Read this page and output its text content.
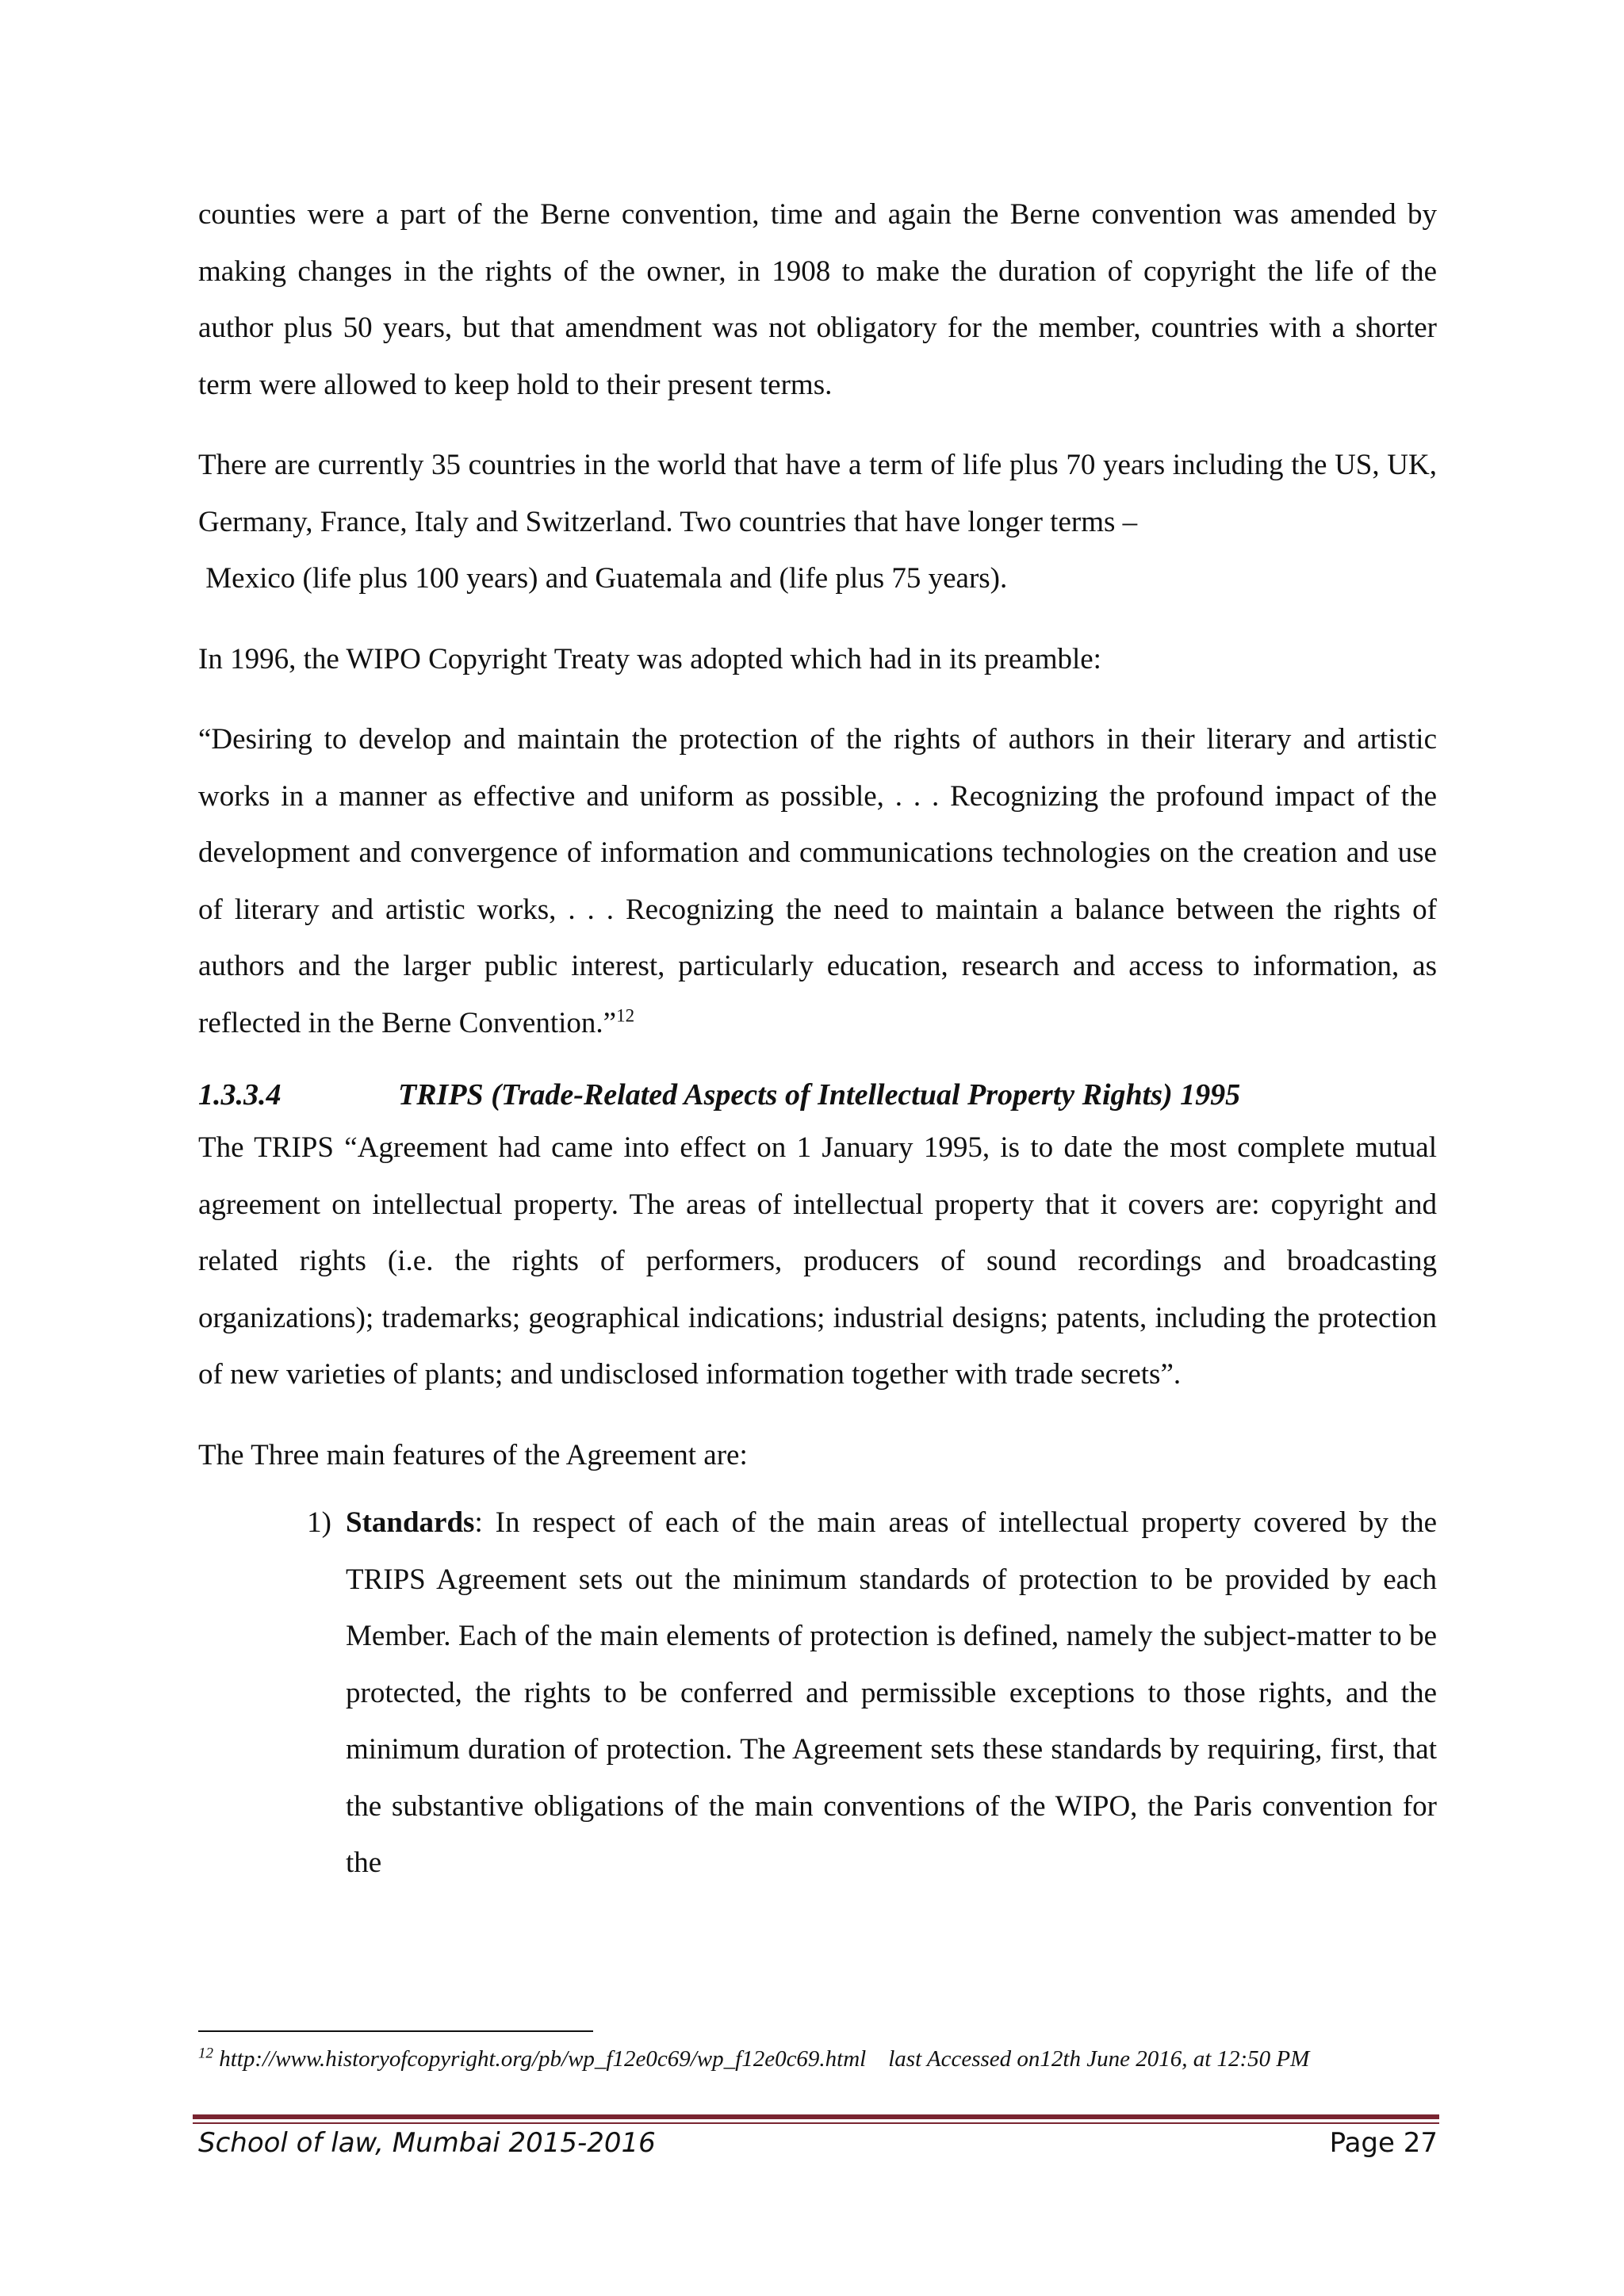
counties were a part of the Berne convention, time and again the Berne convention was amended by making changes in the rights of the owner, in 1908 to make the duration of copyright the life of the author plus 50 years, but that amendment was not obligatory for the member, countries with a shorter term were allowed to keep hold to their present terms.

There are currently 35 countries in the world that have a term of life plus 70 years including the US, UK, Germany, France, Italy and Switzerland. Two countries that have longer terms –

Mexico (life plus 100 years) and Guatemala and (life plus 75 years).

In 1996, the WIPO Copyright Treaty was adopted which had in its preamble:

“Desiring to develop and maintain the protection of the rights of authors in their literary and artistic works in a manner as effective and uniform as possible, . . . Recognizing the profound impact of the development and convergence of information and communications technologies on the creation and use of literary and artistic works, . . . Recognizing the need to maintain a balance between the rights of authors and the larger public interest, particularly education, research and access to information, as reflected in the Berne Convention.”$^{12}$

1.3.3.4	TRIPS (Trade-Related Aspects of Intellectual Property Rights) 1995

The TRIPS “Agreement had came into effect on 1 January 1995, is to date the most complete mutual agreement on intellectual property. The areas of intellectual property that it covers are: copyright and related rights (i.e. the rights of performers, producers of sound recordings and broadcasting organizations); trademarks; geographical indications; industrial designs; patents, including the protection of new varieties of plants; and undisclosed information together with trade secrets”.

The Three main features of the Agreement are:

1) Standards: In respect of each of the main areas of intellectual property covered by the TRIPS Agreement sets out the minimum standards of protection to be provided by each Member. Each of the main elements of protection is defined, namely the subject-matter to be protected, the rights to be conferred and permissible exceptions to those rights, and the minimum duration of protection. The Agreement sets these standards by requiring, first, that the substantive obligations of the main conventions of the WIPO, the Paris convention for the

$^{12}$ http://www.historyofcopyright.org/pb/wp_f12e0c69/wp_f12e0c69.html last Accessed on12th June 2016, at 12:50 PM

School of law, Mumbai 2015-2016	Page 27
